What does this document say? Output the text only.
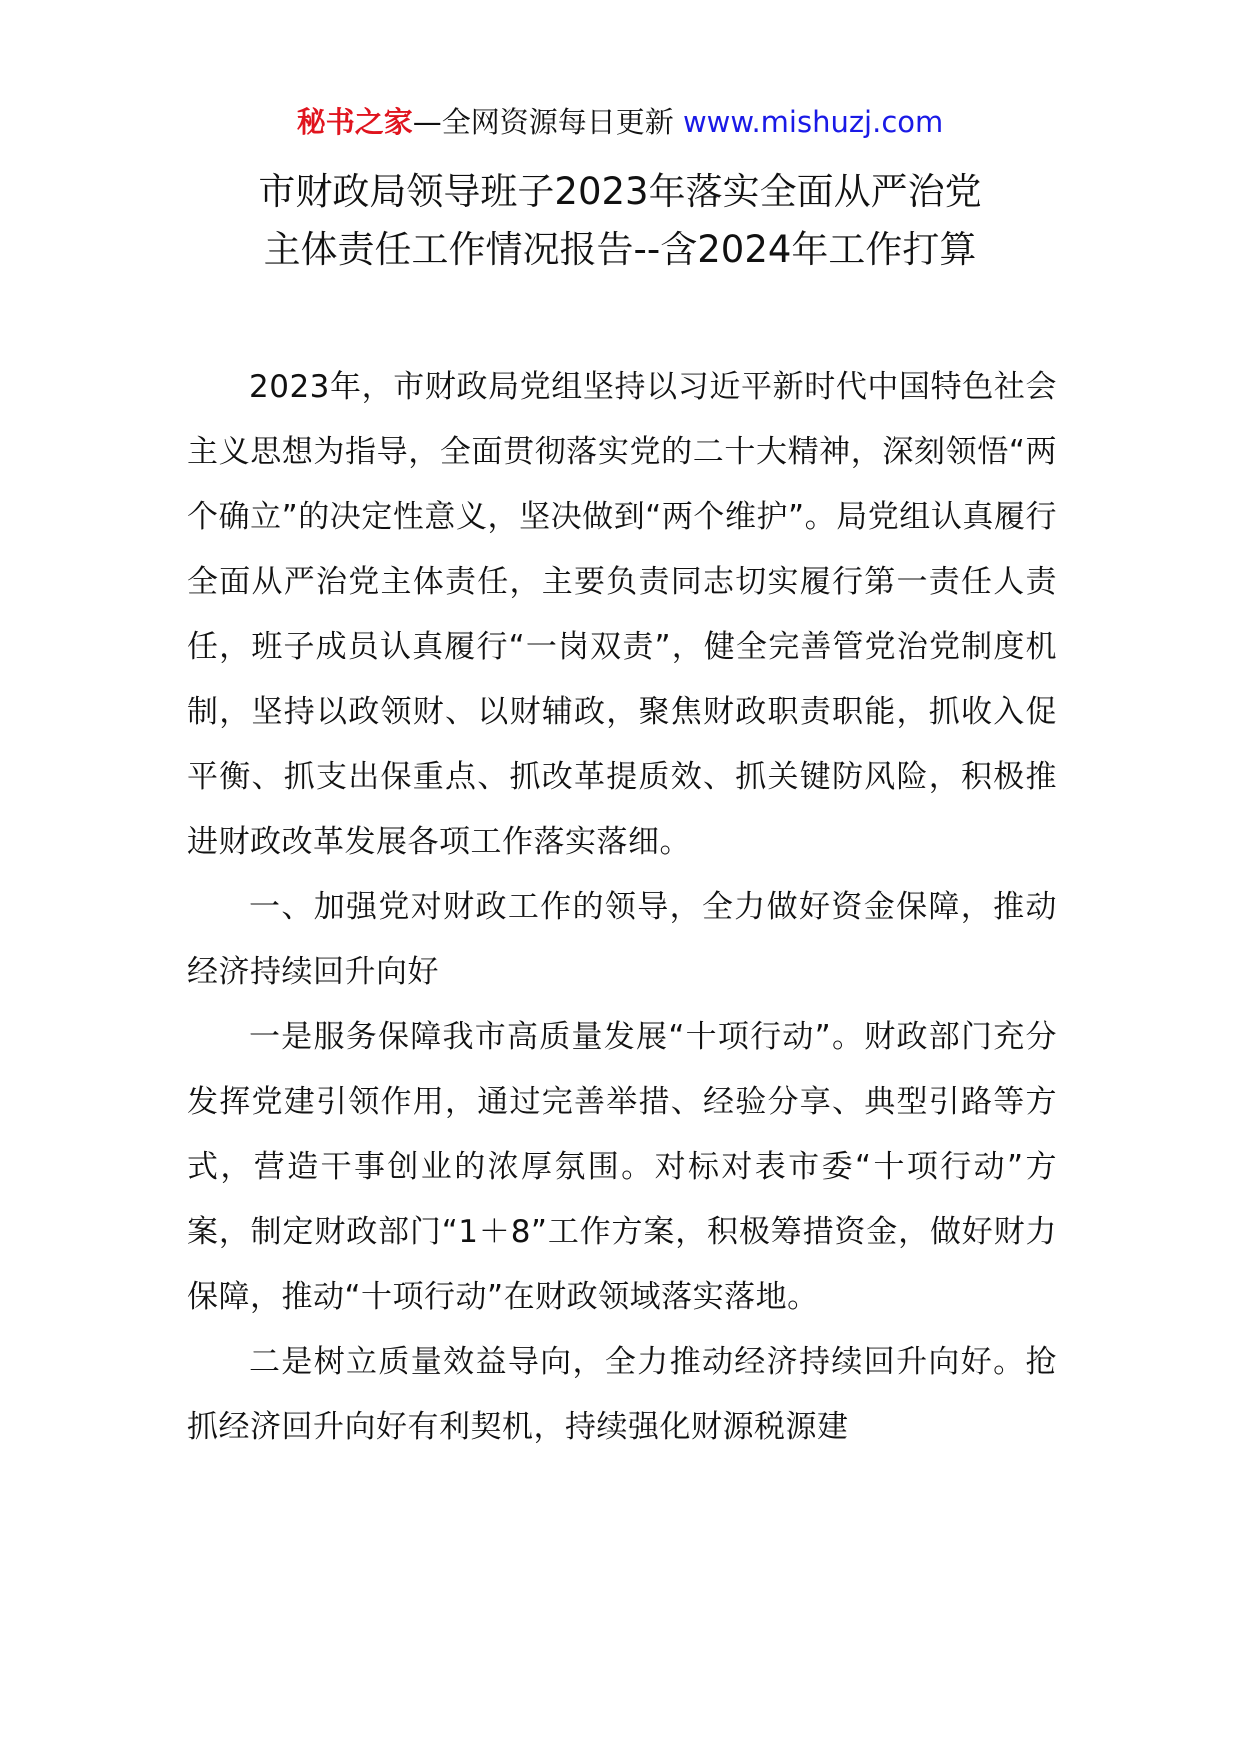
秘书之家—全网资源每日更新 www.mishuzj.com
市财政局领导班子2023年落实全面从严治党
主体责任工作情况报告--含2024年工作打算

2023年，市财政局党组坚持以习近平新时代中国特色社会主义思想为指导，全面贯彻落实党的二十大精神，深刻领悟“两个确立”的决定性意义，坚决做到“两个维护”。局党组认真履行全面从严治党主体责任，主要负责同志切实履行第一责任人责任，班子成员认真履行“一岗双责”，健全完善管党治党制度机制，坚持以政领财、以财辅政，聚焦财政职责职能，抓收入促平衡、抓支出保重点、抓改革提质效、抓关键防风险，积极推进财政改革发展各项工作落实落细。

一、加强党对财政工作的领导，全力做好资金保障，推动经济持续回升向好

一是服务保障我市高质量发展“十项行动”。财政部门充分发挥党建引领作用，通过完善举措、经验分享、典型引路等方式，营造干事创业的浓厚氛围。对标对表市委“十项行动”方案，制定财政部门“1＋8”工作方案，积极筹措资金，做好财力保障，推动“十项行动”在财政领域落实落地。

二是树立质量效益导向，全力推动经济持续回升向好。抢抓经济回升向好有利契机，持续强化财源税源建
